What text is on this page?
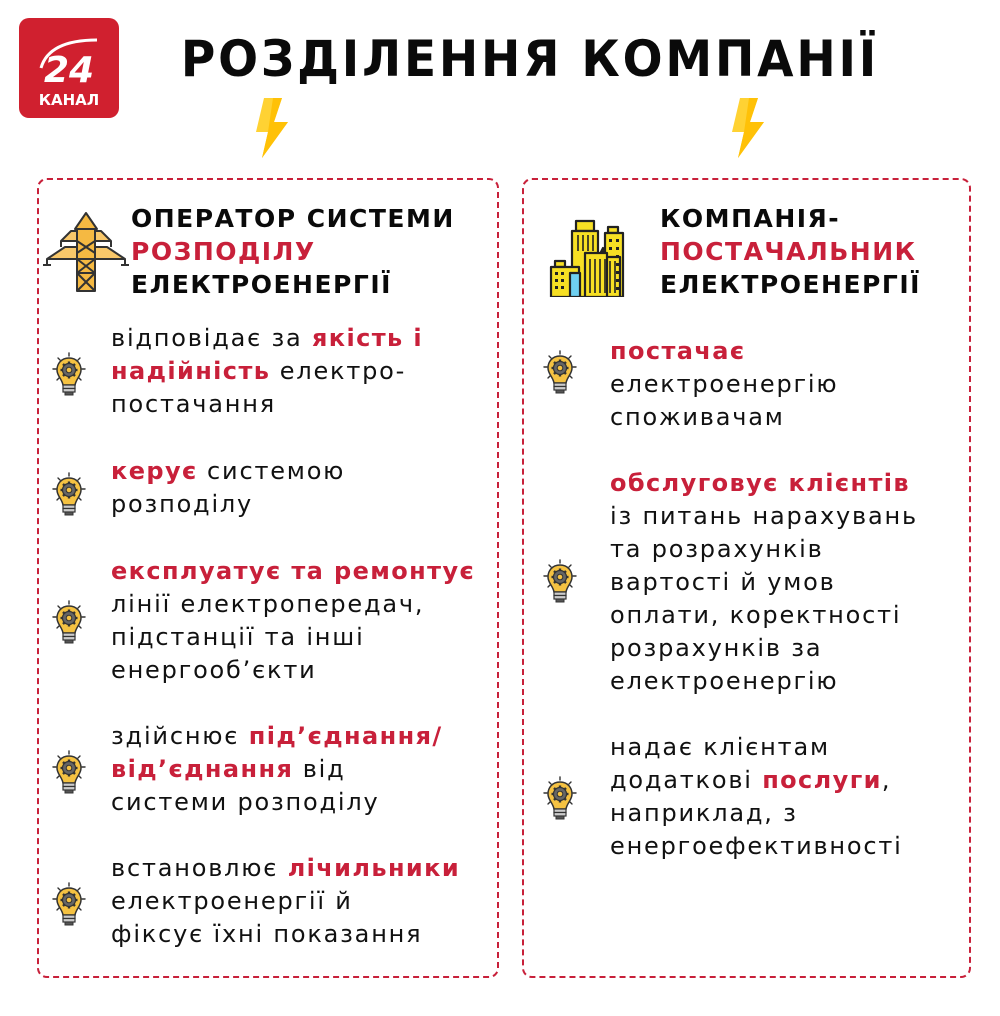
24
КАНАЛ
РОЗДІЛЕННЯ КОМПАНІЇ
ОПЕРАТОР СИСТЕМИ
РОЗПОДІЛУ
ЕЛЕКТРОЕНЕРГІЇ
відповідає за якість і
надійність електро-
постачання
керує системою
розподілу
експлуатує та ремонтує
лінії електропередач,
підстанції та інші
енергооб’єкти
здійснює під’єднання/
від’єднання від
системи розподілу
встановлює лічильники
електроенергії й
фіксує їхні показання
КОМПАНІЯ-
ПОСТАЧАЛЬНИК
ЕЛЕКТРОЕНЕРГІЇ
постачає
електроенергію
споживачам
обслуговує клієнтів
із питань нарахувань
та розрахунків
вартості й умов
оплати, коректності
розрахунків за
електроенергію
надає клієнтам
додаткові послуги,
наприклад, з
енергоефективності
